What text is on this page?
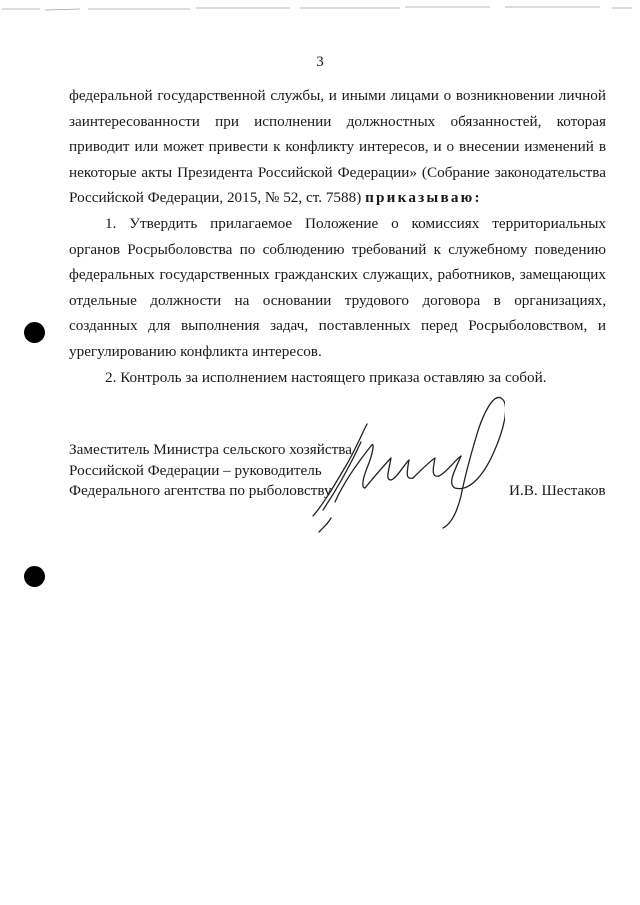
3

федеральной государственной службы, и иными лицами о возникновении личной заинтересованности при исполнении должностных обязанностей, которая приводит или может привести к конфликту интересов, и о внесении изменений в некоторые акты Президента Российской Федерации» (Собрание законодательства Российской Федерации, 2015, № 52, ст. 7588) приказываю:

1. Утвердить прилагаемое Положение о комиссиях территориальных органов Росрыболовства по соблюдению требований к служебному поведению федеральных государственных гражданских служащих, работников, замещающих

отдельные должности на основании трудового договора в организациях, созданных для выполнения задач, поставленных перед Росрыболовством, и урегулированию конфликта интересов.

2. Контроль за исполнением настоящего приказа оставляю за собой.

Заместитель Министра сельского хозяйства
Российской Федерации – руководитель
Федерального агентства по рыболовству	И.В. Шестаков
